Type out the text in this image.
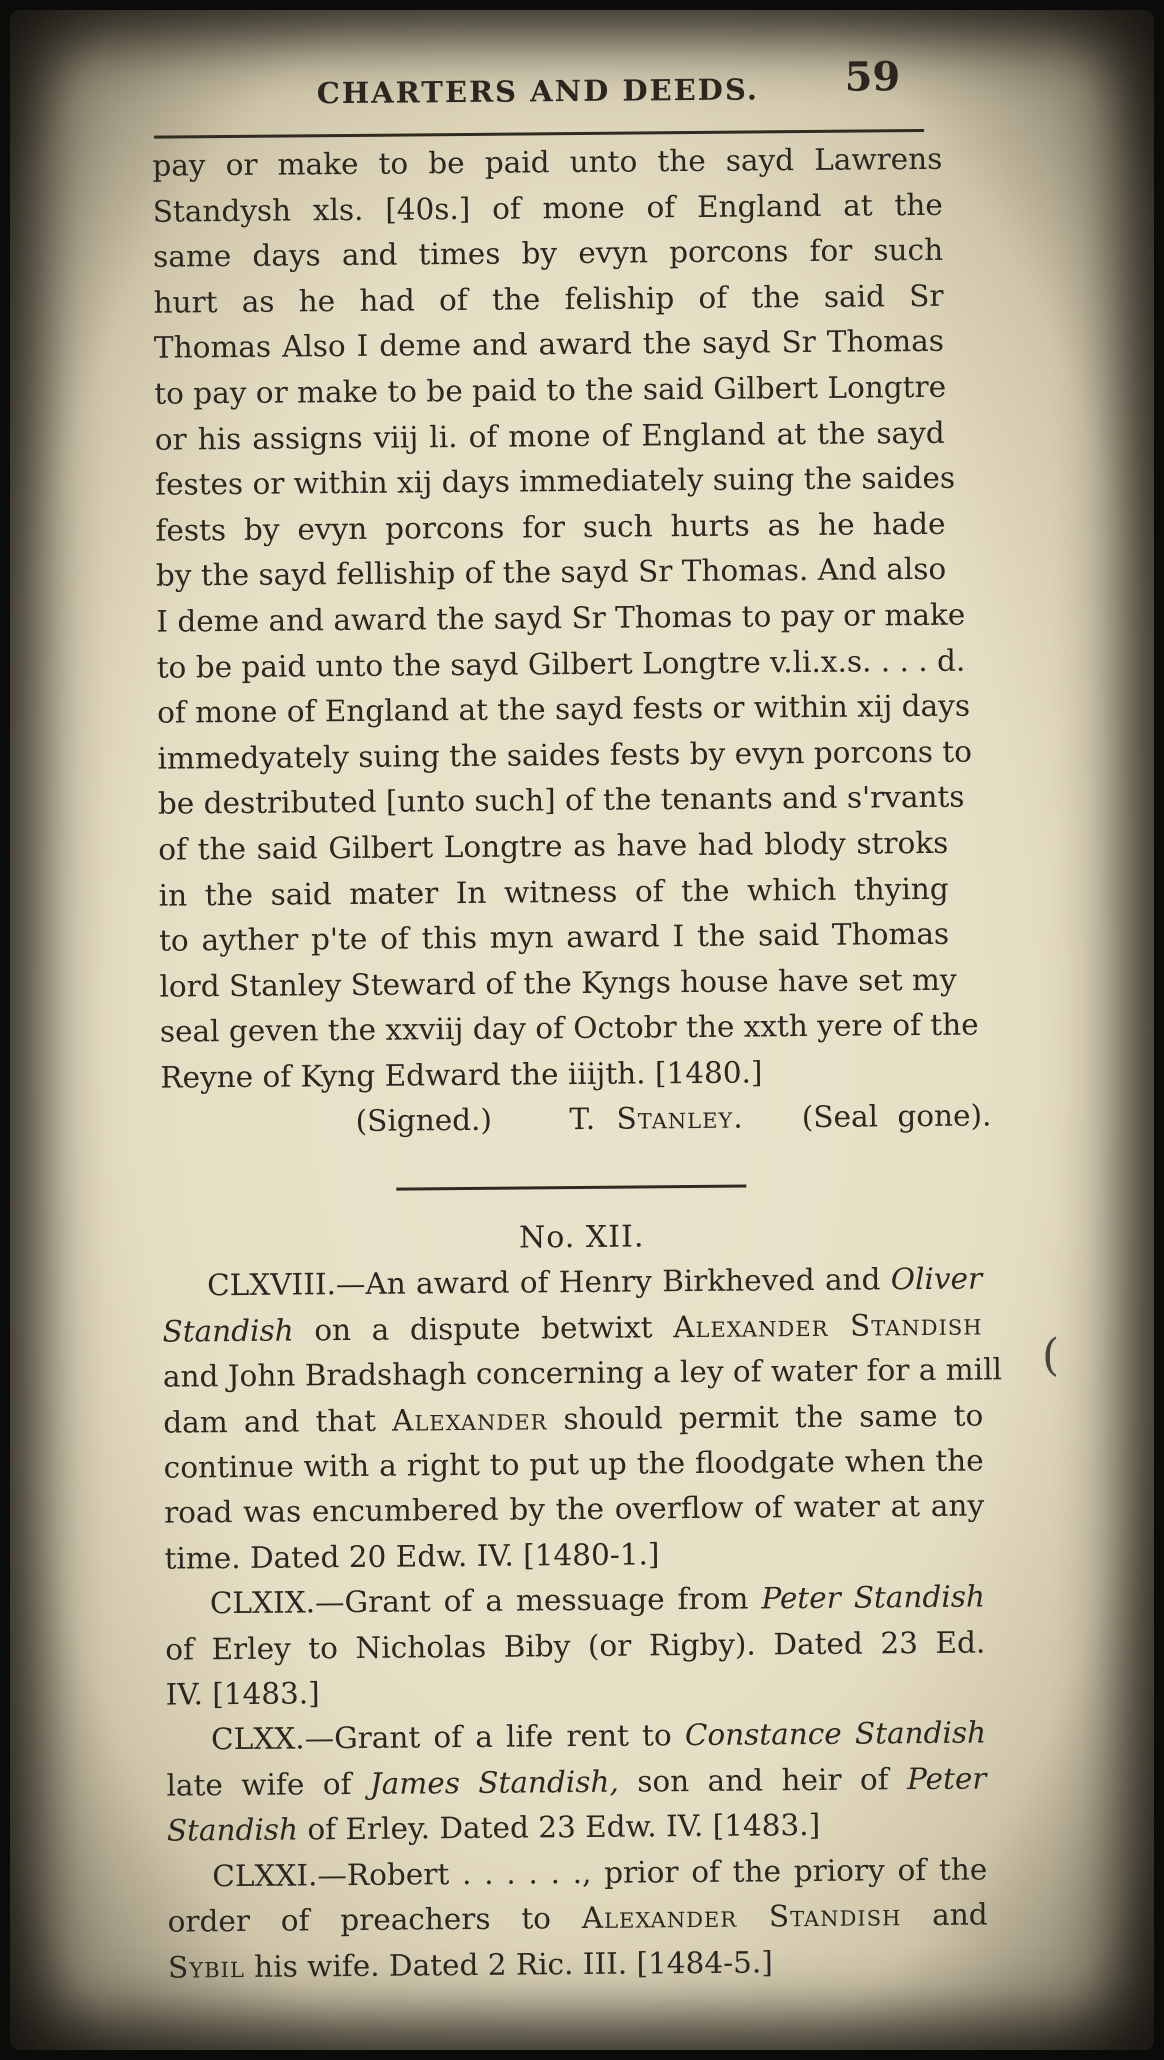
CHARTERS AND DEEDS. 59
pay or make to be paid unto the sayd Lawrens
Standysh xls. [40s.] of mone of England at the
same days and times by evyn porcons for such
hurt as he had of the feliship of the said Sr
Thomas Also I deme and award the sayd Sr Thomas
to pay or make to be paid to the said Gilbert Longtre
or his assigns viij li. of mone of England at the sayd
festes or within xij days immediately suing the saides
fests by evyn porcons for such hurts as he hade
by the sayd felliship of the sayd Sr Thomas. And also
I deme and award the sayd Sr Thomas to pay or make
to be paid unto the sayd Gilbert Longtre v.li.x.s. . . . d.
of mone of England at the sayd fests or within xij days
immedyately suing the saides fests by evyn porcons to
be destributed [unto such] of the tenants and s'rvants
of the said Gilbert Longtre as have had blody stroks
in the said mater In witness of the which thying
to ayther p'te of this myn award I the said Thomas
lord Stanley Steward of the Kyngs house have set my
seal geven the xxviij day of Octobr the xxth yere of the
Reyne of Kyng Edward the iiijth. [1480.]
(Signed.)	T. Stanley. (Seal gone).
No. XII.
CLXVIII.—An award of Henry Birkheved and Oliver
Standish on a dispute betwixt Alexander Standish
and John Bradshagh concerning a ley of water for a mill
dam and that Alexander should permit the same to
continue with a right to put up the floodgate when the
road was encumbered by the overflow of water at any
time. Dated 20 Edw. IV. [1480-1.]
CLXIX.—Grant of a messuage from Peter Standish
of Erley to Nicholas Biby (or Rigby). Dated 23 Ed.
IV. [1483.]
CLXX.—Grant of a life rent to Constance Standish
late wife of James Standish, son and heir of Peter
Standish of Erley. Dated 23 Edw. IV. [1483.]
CLXXI.—Robert . . . . . ., prior of the priory of the
order of preachers to Alexander Standish and
Sybil his wife. Dated 2 Ric. III. [1484-5.]
(
